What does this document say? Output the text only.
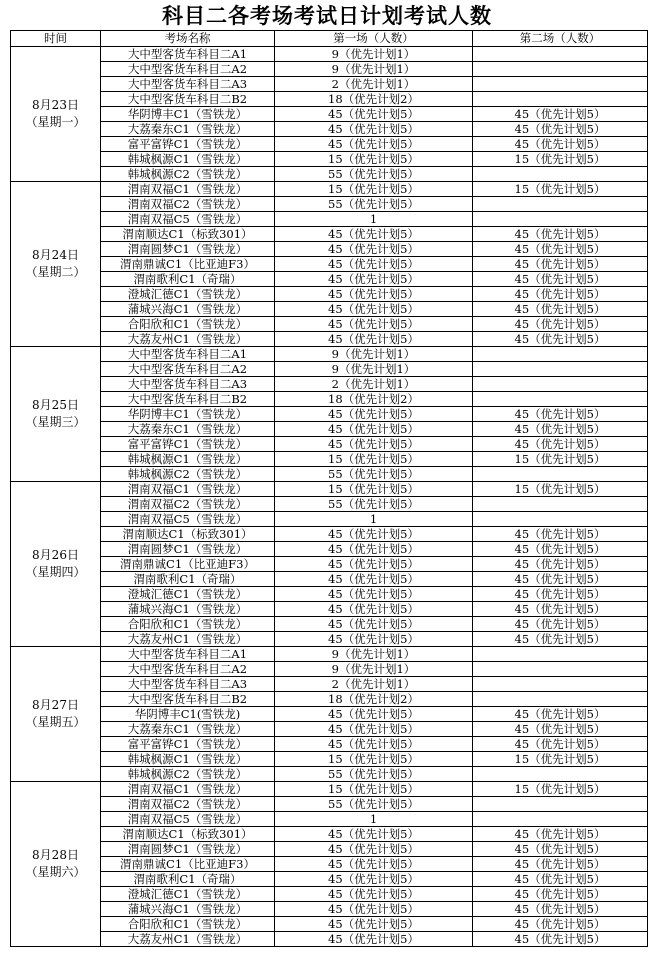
科目二各考场考试日计划考试人数
时间	考场名称	第一场（人数）	第二场（人数）

8月23日
（星期一）	大中型客货车科目二A1	9（优先计划1）	
	大中型客货车科目二A2	9（优先计划1）	
	大中型客货车科目二A3	2（优先计划1）	
	大中型客货车科目二B2	18（优先计划2）	
	华阴博丰C1（雪铁龙）	45（优先计划5）	45（优先计划5）
	大荔秦东C1（雪铁龙）	45（优先计划5）	45（优先计划5）
	富平富铧C1（雪铁龙）	45（优先计划5）	45（优先计划5）
	韩城枫源C1（雪铁龙）	15（优先计划5）	15（优先计划5）
	韩城枫源C2（雪铁龙）	55（优先计划5）	

8月24日
（星期二）	渭南双福C1（雪铁龙）	15（优先计划5）	15（优先计划5）
	渭南双福C2（雪铁龙）	55（优先计划5）	
	渭南双福C5（雪铁龙）	1	
	渭南顺达C1（标致301）	45（优先计划5）	45（优先计划5）
	渭南圆梦C1（雪铁龙）	45（优先计划5）	45（优先计划5）
	渭南鼎诚C1（比亚迪F3）	45（优先计划5）	45（优先计划5）
	渭南歌利C1（奇瑞）	45（优先计划5）	45（优先计划5）
	澄城汇德C1（雪铁龙）	45（优先计划5）	45（优先计划5）
	蒲城兴海C1（雪铁龙）	45（优先计划5）	45（优先计划5）
	合阳欣和C1（雪铁龙）	45（优先计划5）	45（优先计划5）
	大荔友州C1（雪铁龙）	45（优先计划5）	45（优先计划5）

8月25日
（星期三）	大中型客货车科目二A1	9（优先计划1）	
	大中型客货车科目二A2	9（优先计划1）	
	大中型客货车科目二A3	2（优先计划1）	
	大中型客货车科目二B2	18（优先计划2）	
	华阴博丰C1（雪铁龙）	45（优先计划5）	45（优先计划5）
	大荔秦东C1（雪铁龙）	45（优先计划5）	45（优先计划5）
	富平富铧C1（雪铁龙）	45（优先计划5）	45（优先计划5）
	韩城枫源C1（雪铁龙）	15（优先计划5）	15（优先计划5）
	韩城枫源C2（雪铁龙）	55（优先计划5）	

8月26日
（星期四）	渭南双福C1（雪铁龙）	15（优先计划5）	15（优先计划5）
	渭南双福C2（雪铁龙）	55（优先计划5）	
	渭南双福C5（雪铁龙）	1	
	渭南顺达C1（标致301）	45（优先计划5）	45（优先计划5）
	渭南圆梦C1（雪铁龙）	45（优先计划5）	45（优先计划5）
	渭南鼎诚C1（比亚迪F3）	45（优先计划5）	45（优先计划5）
	渭南歌利C1（奇瑞）	45（优先计划5）	45（优先计划5）
	澄城汇德C1（雪铁龙）	45（优先计划5）	45（优先计划5）
	蒲城兴海C1（雪铁龙）	45（优先计划5）	45（优先计划5）
	合阳欣和C1（雪铁龙）	45（优先计划5）	45（优先计划5）
	大荔友州C1（雪铁龙）	45（优先计划5）	45（优先计划5）

8月27日
（星期五）	大中型客货车科目二A1	9（优先计划1）	
	大中型客货车科目二A2	9（优先计划1）	
	大中型客货车科目二A3	2（优先计划1）	
	大中型客货车科目二B2	18（优先计划2）	
	华阴博丰C1(雪铁龙)	45（优先计划5）	45（优先计划5）
	大荔秦东C1（雪铁龙）	45（优先计划5）	45（优先计划5）
	富平富铧C1（雪铁龙）	45（优先计划5）	45（优先计划5）
	韩城枫源C1（雪铁龙）	15（优先计划5）	15（优先计划5）
	韩城枫源C2（雪铁龙）	55（优先计划5）	

8月28日
（星期六）	渭南双福C1（雪铁龙）	15（优先计划5）	15（优先计划5）
	渭南双福C2（雪铁龙）	55（优先计划5）	
	渭南双福C5（雪铁龙）	1	
	渭南顺达C1（标致301）	45（优先计划5）	45（优先计划5）
	渭南圆梦C1（雪铁龙）	45（优先计划5）	45（优先计划5）
	渭南鼎诚C1（比亚迪F3）	45（优先计划5）	45（优先计划5）
	渭南歌利C1（奇瑞）	45（优先计划5）	45（优先计划5）
	澄城汇德C1（雪铁龙）	45（优先计划5）	45（优先计划5）
	蒲城兴海C1（雪铁龙）	45（优先计划5）	45（优先计划5）
	合阳欣和C1（雪铁龙）	45（优先计划5）	45（优先计划5）
	大荔友州C1（雪铁龙）	45（优先计划5）	45（优先计划5）
